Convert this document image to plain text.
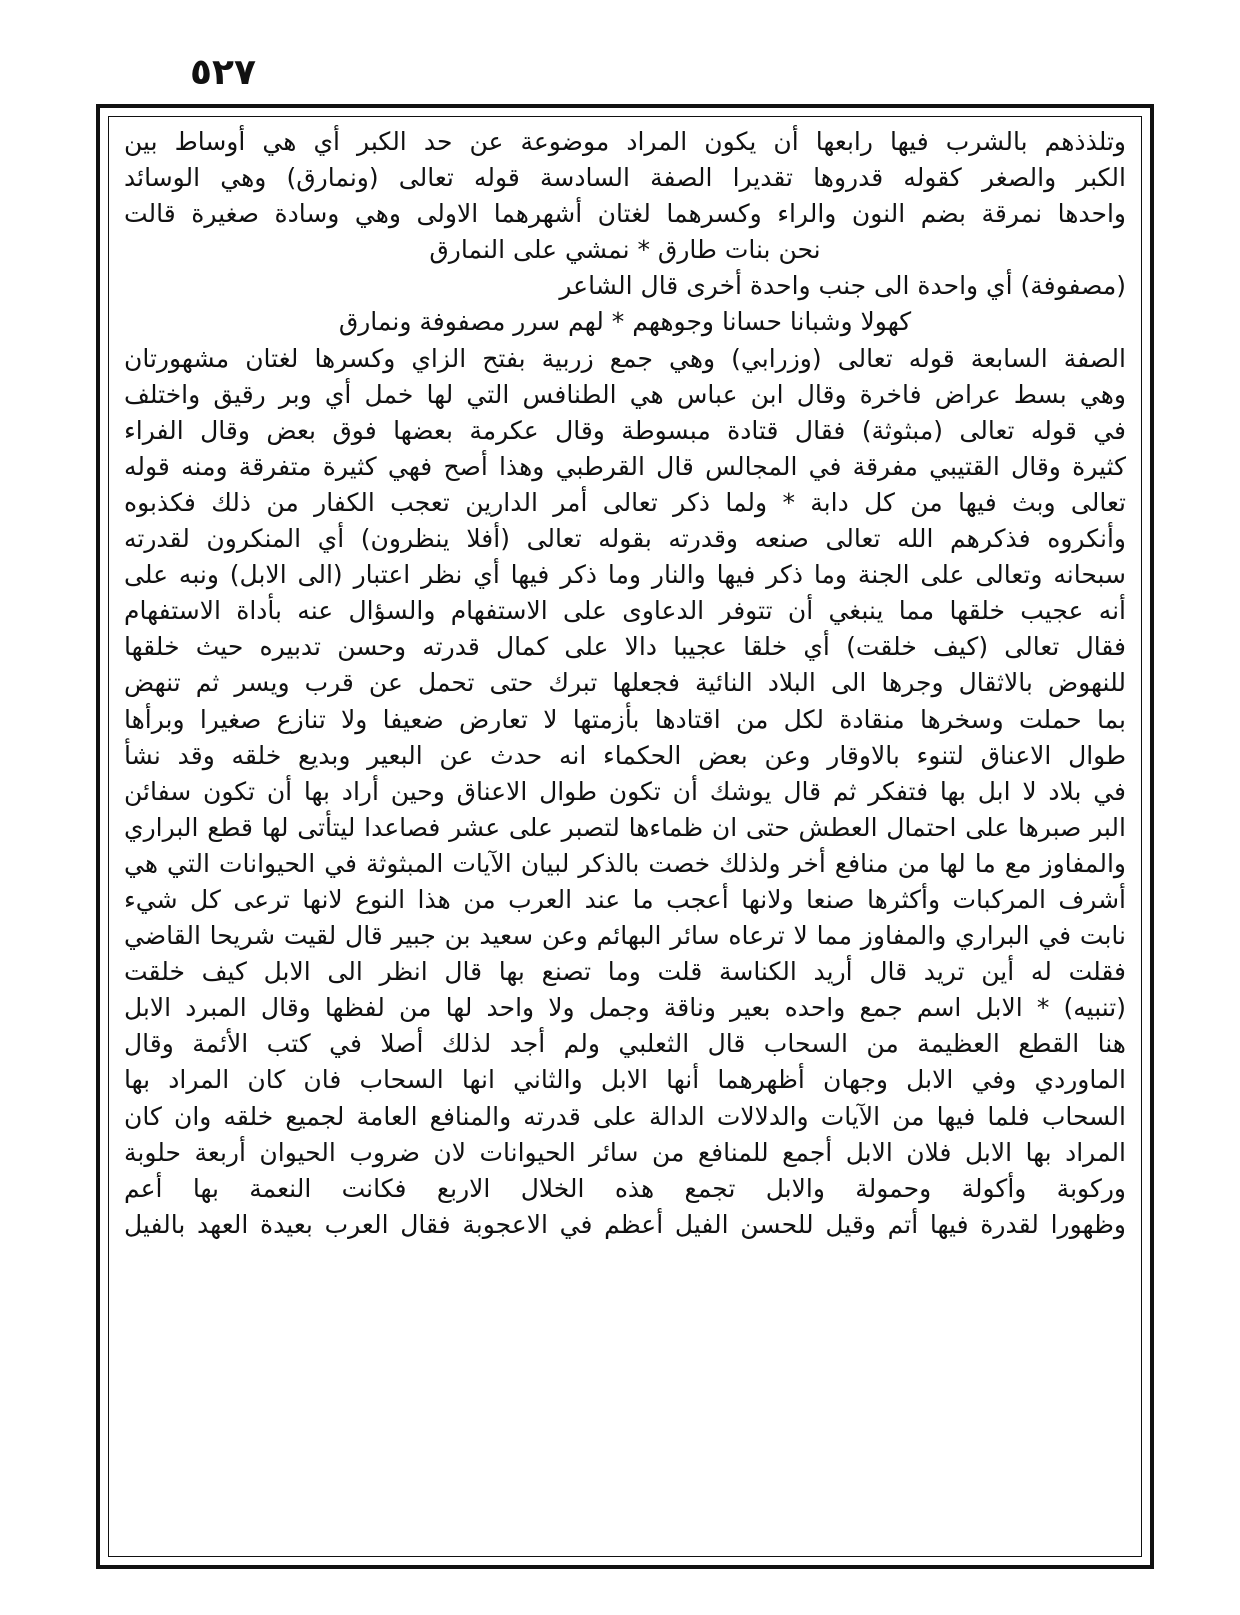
٥٢٧
وتلذذهم بالشرب فيها رابعها أن يكون المراد موضوعة عن حد الكبر أي هي أوساط بين
الكبر والصغر كقوله قدروها تقديرا الصفة السادسة قوله تعالى (ونمارق) وهي الوسائد
واحدها نمرقة بضم النون والراء وكسرهما لغتان أشهرهما الاولى وهي وسادة صغيرة قالت
نحن بنات طارق * نمشي على النمارق
(مصفوفة) أي واحدة الى جنب واحدة أخرى قال الشاعر
كهولا وشبانا حسانا وجوههم * لهم سرر مصفوفة ونمارق
الصفة السابعة قوله تعالى (وزرابي) وهي جمع زربية بفتح الزاي وكسرها لغتان مشهورتان
وهي بسط عراض فاخرة وقال ابن عباس هي الطنافس التي لها خمل أي وبر رقيق واختلف
في قوله تعالى (مبثوثة) فقال قتادة مبسوطة وقال عكرمة بعضها فوق بعض وقال الفراء
كثيرة وقال القتيبي مفرقة في المجالس قال القرطبي وهذا أصح فهي كثيرة متفرقة ومنه قوله
تعالى وبث فيها من كل دابة * ولما ذكر تعالى أمر الدارين تعجب الكفار من ذلك فكذبوه
وأنكروه فذكرهم الله تعالى صنعه وقدرته بقوله تعالى (أفلا ينظرون) أي المنكرون لقدرته
سبحانه وتعالى على الجنة وما ذكر فيها والنار وما ذكر فيها أي نظر اعتبار (الى الابل) ونبه على
أنه عجيب خلقها مما ينبغي أن تتوفر الدعاوى على الاستفهام والسؤال عنه بأداة الاستفهام
فقال تعالى (كيف خلقت) أي خلقا عجيبا دالا على كمال قدرته وحسن تدبيره حيث خلقها
للنهوض بالاثقال وجرها الى البلاد النائية فجعلها تبرك حتى تحمل عن قرب ويسر ثم تنهض
بما حملت وسخرها منقادة لكل من اقتادها بأزمتها لا تعارض ضعيفا ولا تنازع صغيرا وبرأها
طوال الاعناق لتنوء بالاوقار وعن بعض الحكماء انه حدث عن البعير وبديع خلقه وقد نشأ
في بلاد لا ابل بها فتفكر ثم قال يوشك أن تكون طوال الاعناق وحين أراد بها أن تكون سفائن
البر صبرها على احتمال العطش حتى ان ظماءها لتصبر على عشر فصاعدا ليتأتى لها قطع البراري
والمفاوز مع ما لها من منافع أخر ولذلك خصت بالذكر لبيان الآيات المبثوثة في الحيوانات التي هي
أشرف المركبات وأكثرها صنعا ولانها أعجب ما عند العرب من هذا النوع لانها ترعى كل شيء
نابت في البراري والمفاوز مما لا ترعاه سائر البهائم وعن سعيد بن جبير قال لقيت شريحا القاضي
فقلت له أين تريد قال أريد الكناسة قلت وما تصنع بها قال انظر الى الابل كيف خلقت
(تنبيه) * الابل اسم جمع واحده بعير وناقة وجمل ولا واحد لها من لفظها وقال المبرد الابل
هنا القطع العظيمة من السحاب قال الثعلبي ولم أجد لذلك أصلا في كتب الأئمة وقال
الماوردي وفي الابل وجهان أظهرهما أنها الابل والثاني انها السحاب فان كان المراد بها
السحاب فلما فيها من الآيات والدلالات الدالة على قدرته والمنافع العامة لجميع خلقه وان كان
المراد بها الابل فلان الابل أجمع للمنافع من سائر الحيوانات لان ضروب الحيوان أربعة حلوبة
وركوبة وأكولة وحمولة والابل تجمع هذه الخلال الاربع فكانت النعمة بها أعم
وظهورا لقدرة فيها أتم وقيل للحسن الفيل أعظم في الاعجوبة فقال العرب بعيدة العهد بالفيل
